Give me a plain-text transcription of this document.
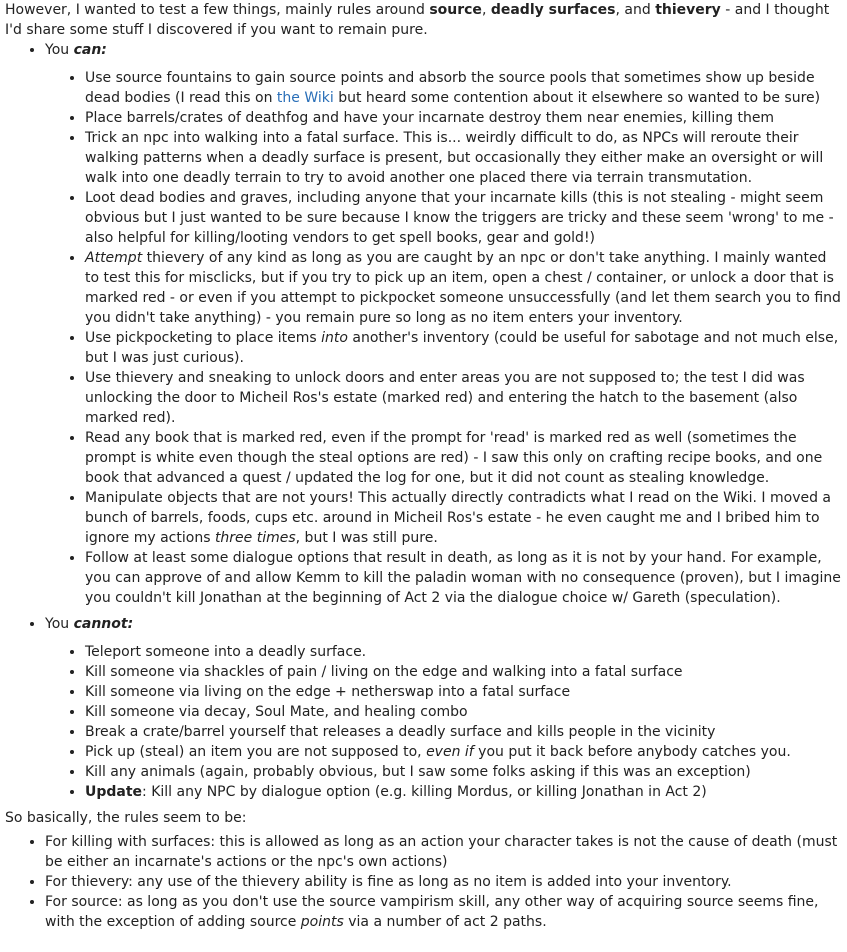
However, I wanted to test a few things, mainly rules around source, deadly surfaces, and thievery - and I thought I'd share some stuff I discovered if you want to remain pure.

• You can:
• Use source fountains to gain source points and absorb the source pools that sometimes show up beside dead bodies (I read this on the Wiki but heard some contention about it elsewhere so wanted to be sure)
• Place barrels/crates of deathfog and have your incarnate destroy them near enemies, killing them
• Trick an npc into walking into a fatal surface. This is... weirdly difficult to do, as NPCs will reroute their walking patterns when a deadly surface is present, but occasionally they either make an oversight or will walk into one deadly terrain to try to avoid another one placed there via terrain transmutation.
• Loot dead bodies and graves, including anyone that your incarnate kills (this is not stealing - might seem obvious but I just wanted to be sure because I know the triggers are tricky and these seem 'wrong' to me - also helpful for killing/looting vendors to get spell books, gear and gold!)
• Attempt thievery of any kind as long as you are caught by an npc or don't take anything. I mainly wanted to test this for misclicks, but if you try to pick up an item, open a chest / container, or unlock a door that is marked red - or even if you attempt to pickpocket someone unsuccessfully (and let them search you to find you didn't take anything) - you remain pure so long as no item enters your inventory.
• Use pickpocketing to place items into another's inventory (could be useful for sabotage and not much else, but I was just curious).
• Use thievery and sneaking to unlock doors and enter areas you are not supposed to; the test I did was unlocking the door to Micheil Ros's estate (marked red) and entering the hatch to the basement (also marked red).
• Read any book that is marked red, even if the prompt for 'read' is marked red as well (sometimes the prompt is white even though the steal options are red) - I saw this only on crafting recipe books, and one book that advanced a quest / updated the log for one, but it did not count as stealing knowledge.
• Manipulate objects that are not yours! This actually directly contradicts what I read on the Wiki. I moved a bunch of barrels, foods, cups etc. around in Micheil Ros's estate - he even caught me and I bribed him to ignore my actions three times, but I was still pure.
• Follow at least some dialogue options that result in death, as long as it is not by your hand. For example, you can approve of and allow Kemm to kill the paladin woman with no consequence (proven), but I imagine you couldn't kill Jonathan at the beginning of Act 2 via the dialogue choice w/ Gareth (speculation).
• You cannot:
• Teleport someone into a deadly surface.
• Kill someone via shackles of pain / living on the edge and walking into a fatal surface
• Kill someone via living on the edge + netherswap into a fatal surface
• Kill someone via decay, Soul Mate, and healing combo
• Break a crate/barrel yourself that releases a deadly surface and kills people in the vicinity
• Pick up (steal) an item you are not supposed to, even if you put it back before anybody catches you.
• Kill any animals (again, probably obvious, but I saw some folks asking if this was an exception)
• Update: Kill any NPC by dialogue option (e.g. killing Mordus, or killing Jonathan in Act 2)

So basically, the rules seem to be:

• For killing with surfaces: this is allowed as long as an action your character takes is not the cause of death (must be either an incarnate's actions or the npc's own actions)
• For thievery: any use of the thievery ability is fine as long as no item is added into your inventory.
• For source: as long as you don't use the source vampirism skill, any other way of acquiring source seems fine, with the exception of adding source points via a number of act 2 paths.
